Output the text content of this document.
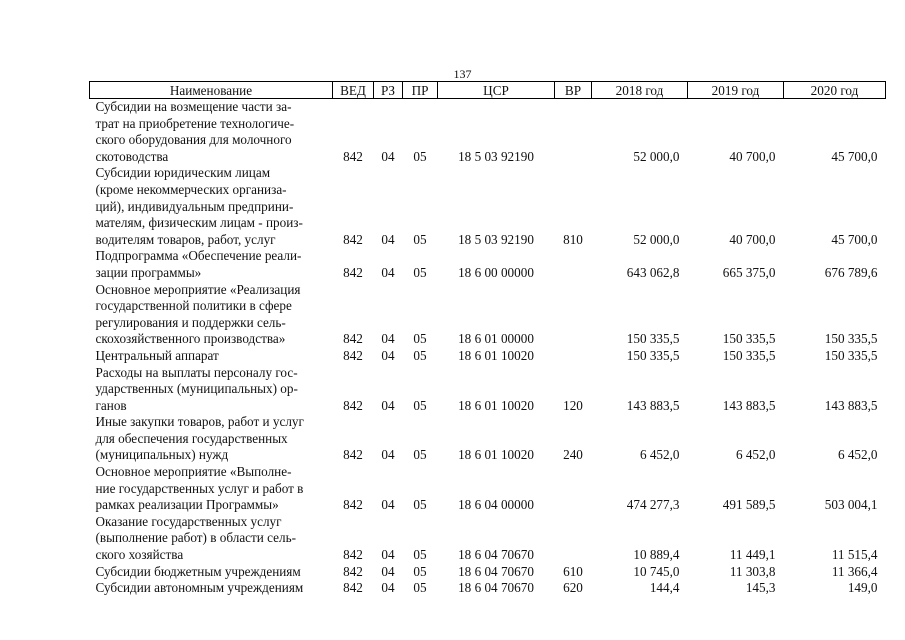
137
Наименование	ВЕД	РЗ	ПР	ЦСР	ВР	2018 год	2019 год	2020 год
Субсидии на возмещение части за-
трат на приобретение технологиче-
ского оборудования для молочного
скотоводства	842	04	05	18 5 03 92190		52 000,0	40 700,0	45 700,0
Субсидии юридическим лицам
(кроме некоммерческих организа-
ций), индивидуальным предприни-
мателям, физическим лицам - произ-
водителям товаров, работ, услуг	842	04	05	18 5 03 92190	810	52 000,0	40 700,0	45 700,0
Подпрограмма «Обеспечение реали-
зации программы»	842	04	05	18 6 00 00000		643 062,8	665 375,0	676 789,6
Основное мероприятие «Реализация
государственной политики в сфере
регулирования и поддержки сель-
скохозяйственного производства»	842	04	05	18 6 01 00000		150 335,5	150 335,5	150 335,5
Центральный аппарат	842	04	05	18 6 01 10020		150 335,5	150 335,5	150 335,5
Расходы на выплаты персоналу гос-
ударственных (муниципальных) ор-
ганов	842	04	05	18 6 01 10020	120	143 883,5	143 883,5	143 883,5
Иные закупки товаров, работ и услуг
для обеспечения государственных
(муниципальных) нужд	842	04	05	18 6 01 10020	240	6 452,0	6 452,0	6 452,0
Основное мероприятие «Выполне-
ние государственных услуг и работ в
рамках реализации Программы»	842	04	05	18 6 04 00000		474 277,3	491 589,5	503 004,1
Оказание государственных услуг
(выполнение работ) в области сель-
ского хозяйства	842	04	05	18 6 04 70670		10 889,4	11 449,1	11 515,4
Субсидии бюджетным учреждениям	842	04	05	18 6 04 70670	610	10 745,0	11 303,8	11 366,4
Субсидии автономным учреждениям	842	04	05	18 6 04 70670	620	144,4	145,3	149,0
